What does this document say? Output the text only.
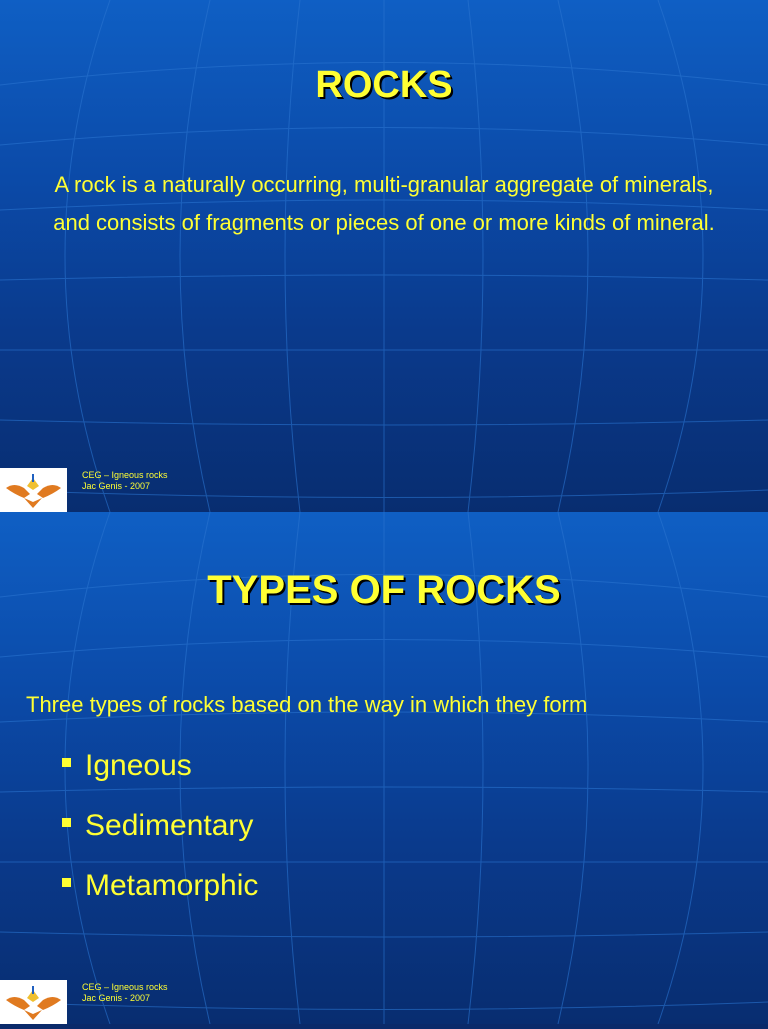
ROCKS

A rock is a naturally occurring, multi-granular aggregate of minerals, and consists of fragments or pieces of one or more kinds of mineral.

CEG – Igneous rocks
Jac Genis - 2007
TYPES OF ROCKS

Three types of rocks based on the way in which they form

Igneous
Sedimentary
Metamorphic
CEG – Igneous rocks
Jac Genis - 2007
